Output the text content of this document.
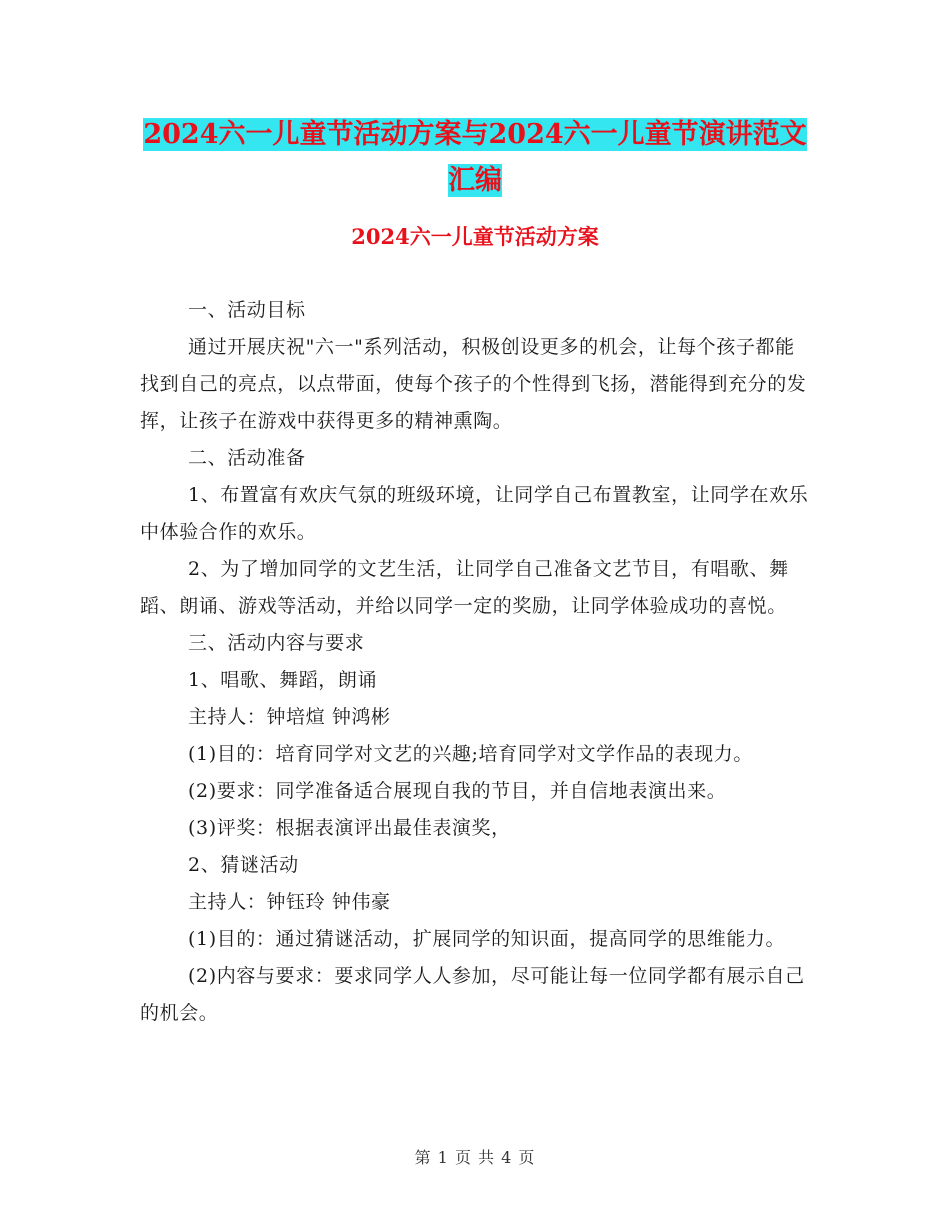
2024六一儿童节活动方案与2024六一儿童节演讲范文
汇编
2024六一儿童节活动方案

一、活动目标

通过开展庆祝"六一"系列活动，积极创设更多的机会，让每个孩子都能找到自己的亮点，以点带面，使每个孩子的个性得到飞扬，潜能得到充分的发挥，让孩子在游戏中获得更多的精神熏陶。

二、活动准备

1、布置富有欢庆气氛的班级环境，让同学自己布置教室，让同学在欢乐中体验合作的欢乐。

2、为了增加同学的文艺生活，让同学自己准备文艺节目，有唱歌、舞蹈、朗诵、游戏等活动，并给以同学一定的奖励，让同学体验成功的喜悦。

三、活动内容与要求

1、唱歌、舞蹈，朗诵

主持人：钟培煊 钟鸿彬

(1)目的：培育同学对文艺的兴趣;培育同学对文学作品的表现力。

(2)要求：同学准备适合展现自我的节目，并自信地表演出来。

(3)评奖：根据表演评出最佳表演奖，

2、猜谜活动

主持人：钟钰玲 钟伟豪

(1)目的：通过猜谜活动，扩展同学的知识面，提高同学的思维能力。

(2)内容与要求：要求同学人人参加，尽可能让每一位同学都有展示自己的机会。

第 1 页 共 4 页
